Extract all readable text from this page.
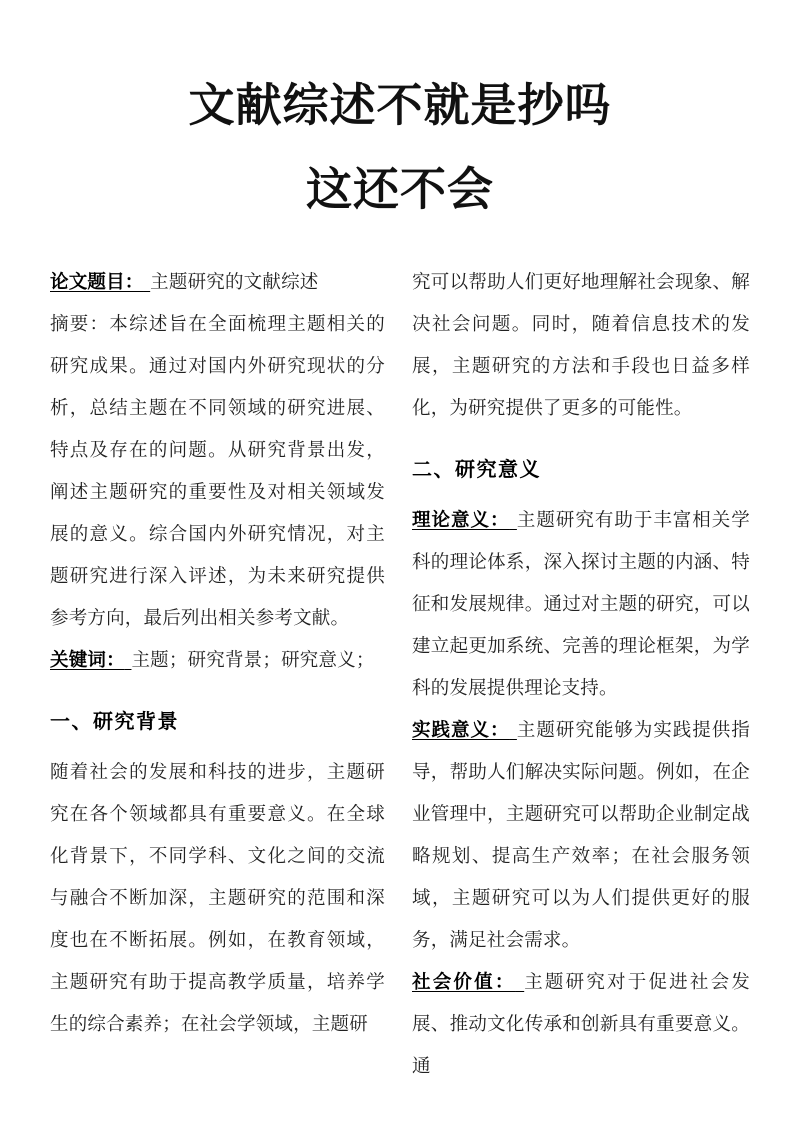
文献综述不就是抄吗
这还不会

论文题目： 主题研究的文献综述

摘要：本综述旨在全面梳理主题相关的研究成果。通过对国内外研究现状的分析，总结主题在不同领域的研究进展、特点及存在的问题。从研究背景出发，阐述主题研究的重要性及对相关领域发展的意义。综合国内外研究情况，对主题研究进行深入评述，为未来研究提供参考方向，最后列出相关参考文献。

关键词： 主题；研究背景；研究意义；

一、研究背景

随着社会的发展和科技的进步，主题研究在各个领域都具有重要意义。在全球化背景下，不同学科、文化之间的交流与融合不断加深，主题研究的范围和深度也在不断拓展。例如，在教育领域，主题研究有助于提高教学质量，培养学生的综合素养；在社会学领域，主题研

究可以帮助人们更好地理解社会现象、解决社会问题。同时，随着信息技术的发展，主题研究的方法和手段也日益多样化，为研究提供了更多的可能性。

二、研究意义

理论意义： 主题研究有助于丰富相关学科的理论体系，深入探讨主题的内涵、特征和发展规律。通过对主题的研究，可以建立起更加系统、完善的理论框架，为学科的发展提供理论支持。

实践意义： 主题研究能够为实践提供指导，帮助人们解决实际问题。例如，在企业管理中，主题研究可以帮助企业制定战略规划、提高生产效率；在社会服务领域，主题研究可以为人们提供更好的服务，满足社会需求。

社会价值： 主题研究对于促进社会发展、推动文化传承和创新具有重要意义。通
